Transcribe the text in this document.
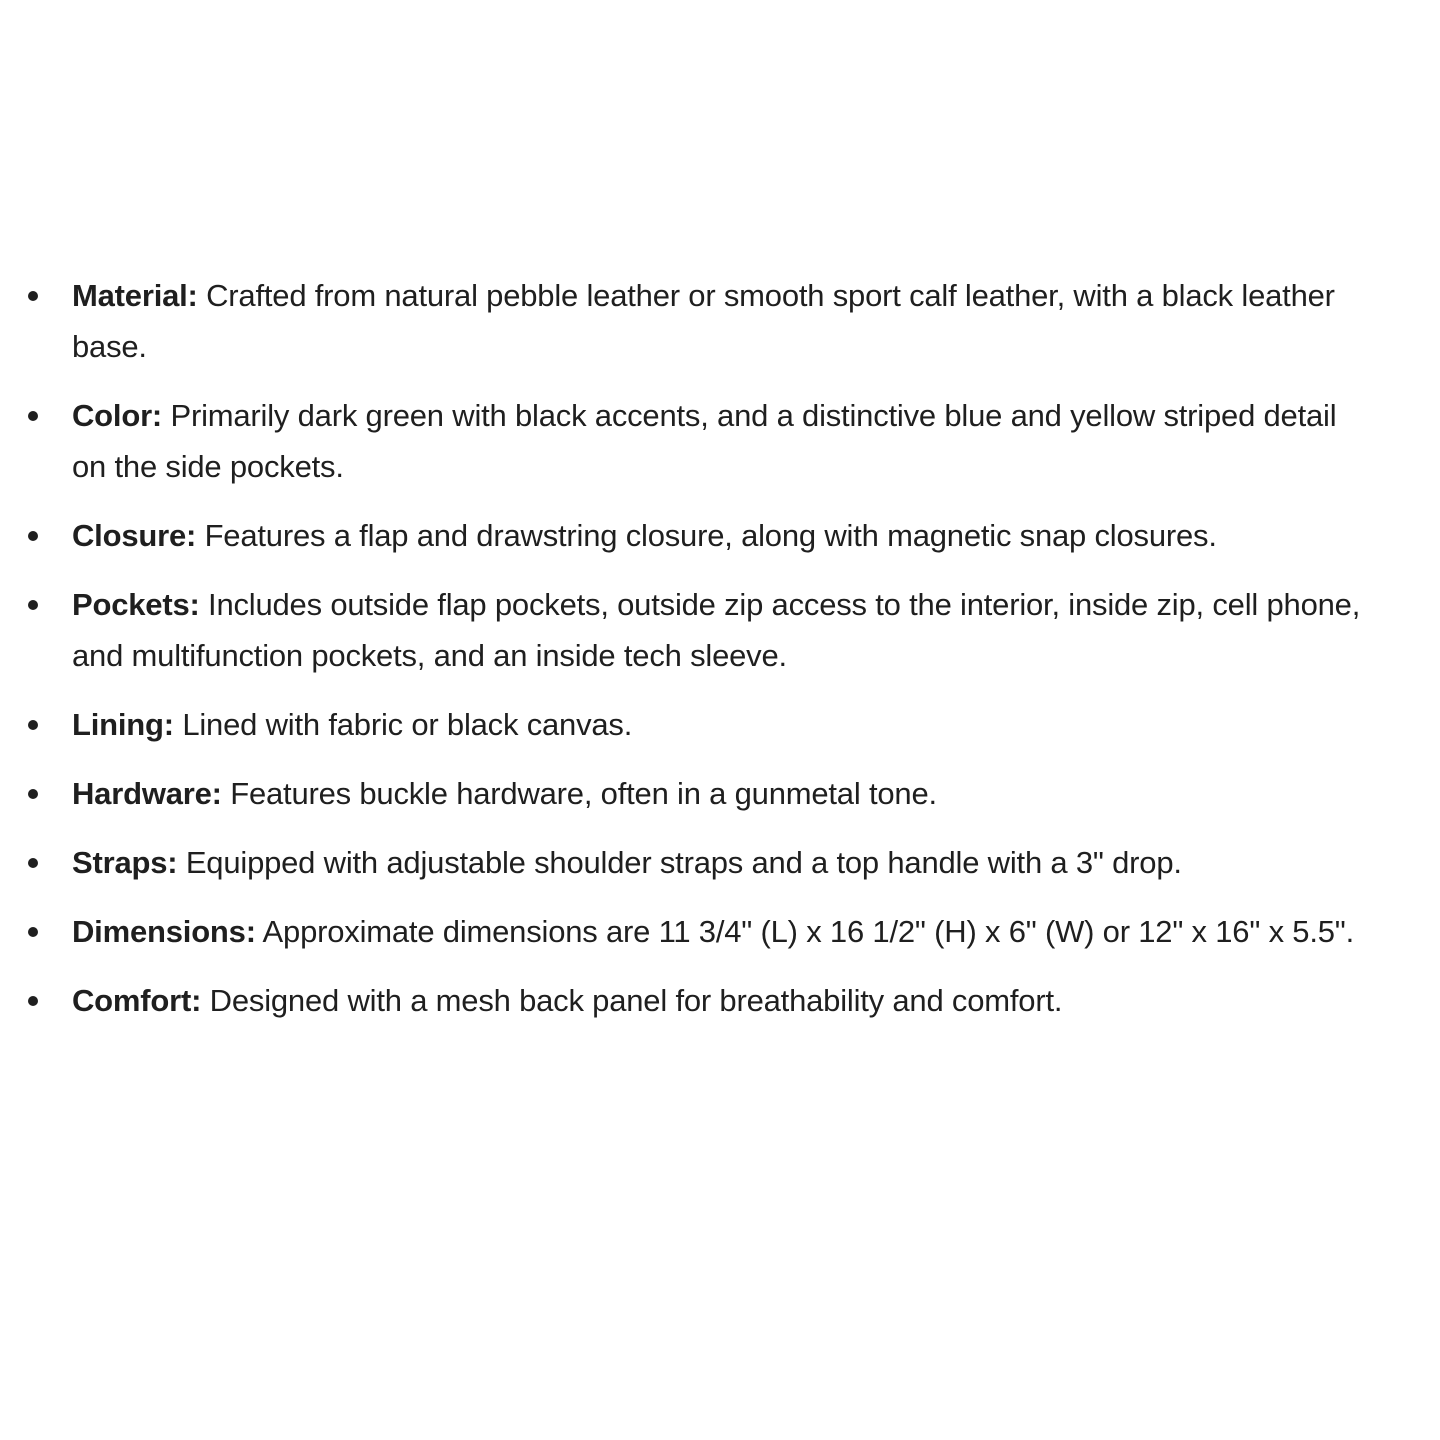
Material: Crafted from natural pebble leather or smooth sport calf leather, with a black leather base.
Color: Primarily dark green with black accents, and a distinctive blue and yellow striped detail on the side pockets.
Closure: Features a flap and drawstring closure, along with magnetic snap closures.
Pockets: Includes outside flap pockets, outside zip access to the interior, inside zip, cell phone, and multifunction pockets, and an inside tech sleeve.
Lining: Lined with fabric or black canvas.
Hardware: Features buckle hardware, often in a gunmetal tone.
Straps: Equipped with adjustable shoulder straps and a top handle with a 3" drop.
Dimensions: Approximate dimensions are 11 3/4" (L) x 16 1/2" (H) x 6" (W) or 12" x 16" x 5.5".
Comfort: Designed with a mesh back panel for breathability and comfort.
